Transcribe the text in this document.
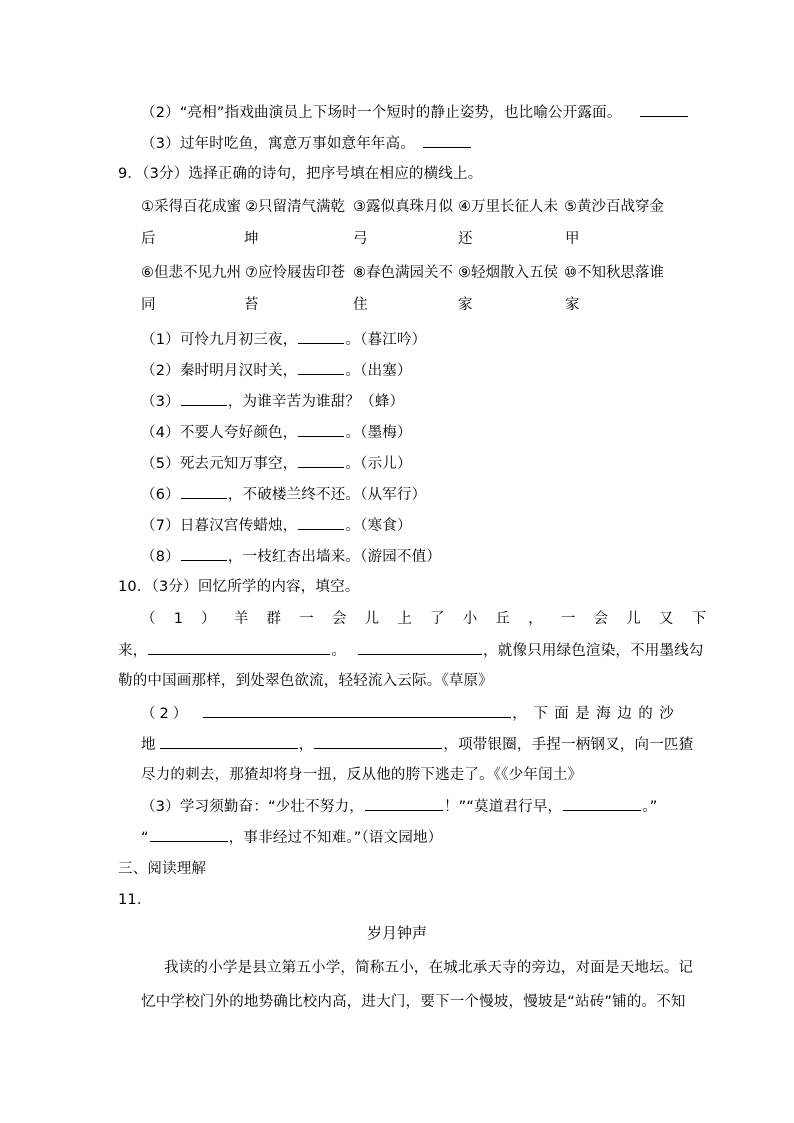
（2）“亮相”指戏曲演员上下场时一个短时的静止姿势，也比喻公开露面。
（3）过年时吃鱼，寓意万事如意年年高。
9．（3分）选择正确的诗句，把序号填在相应的横线上。
①采得百花成蜜 ②只留清气满乾 ③露似真珠月似 ④万里长征人未 ⑤黄沙百战穿金
后	坤	弓	还	甲
⑥但悲不见九州 ⑦应怜屐齿印苍 ⑧春色满园关不 ⑨轻烟散入五侯 ⑩不知秋思落谁
同	苔	住	家	家
（1）可怜九月初三夜，	。（暮江吟）
（2）秦时明月汉时关，	。（出塞）
（3）	，为谁辛苦为谁甜？（蜂）
（4）不要人夸好颜色，	。（墨梅）
（5）死去元知万事空，	。（示儿）
（6）	，不破楼兰终不还。（从军行）
（7）日暮汉宫传蜡烛，	。（寒食）
（8）	，一枝红杏出墙来。（游园不值）
10．（3分）回忆所学的内容，填空。
（1）羊群一会儿上了小丘，一会儿又下
来，	。	，就像只用绿色渲染，不用墨线勾
勒的中国画那样，到处翠色欲流，轻轻流入云际。《草原》
（2）	，下面是海边的沙
地	，	，项带银圈，手捏一柄钢叉，向一匹猹
尽力的刺去，那猹却将身一扭，反从他的胯下逃走了。《《少年闰土》
（3）学习须勤奋：“少壮不努力，	！”“莫道君行早，	。”
“	，事非经过不知难。”（语文园地）
三、阅读理解
11．
岁月钟声
我读的小学是县立第五小学，简称五小，在城北承天寺的旁边，对面是天地坛。记
忆中学校门外的地势确比校内高，进大门，要下一个慢坡，慢坡是“站砖”铺的。不知
